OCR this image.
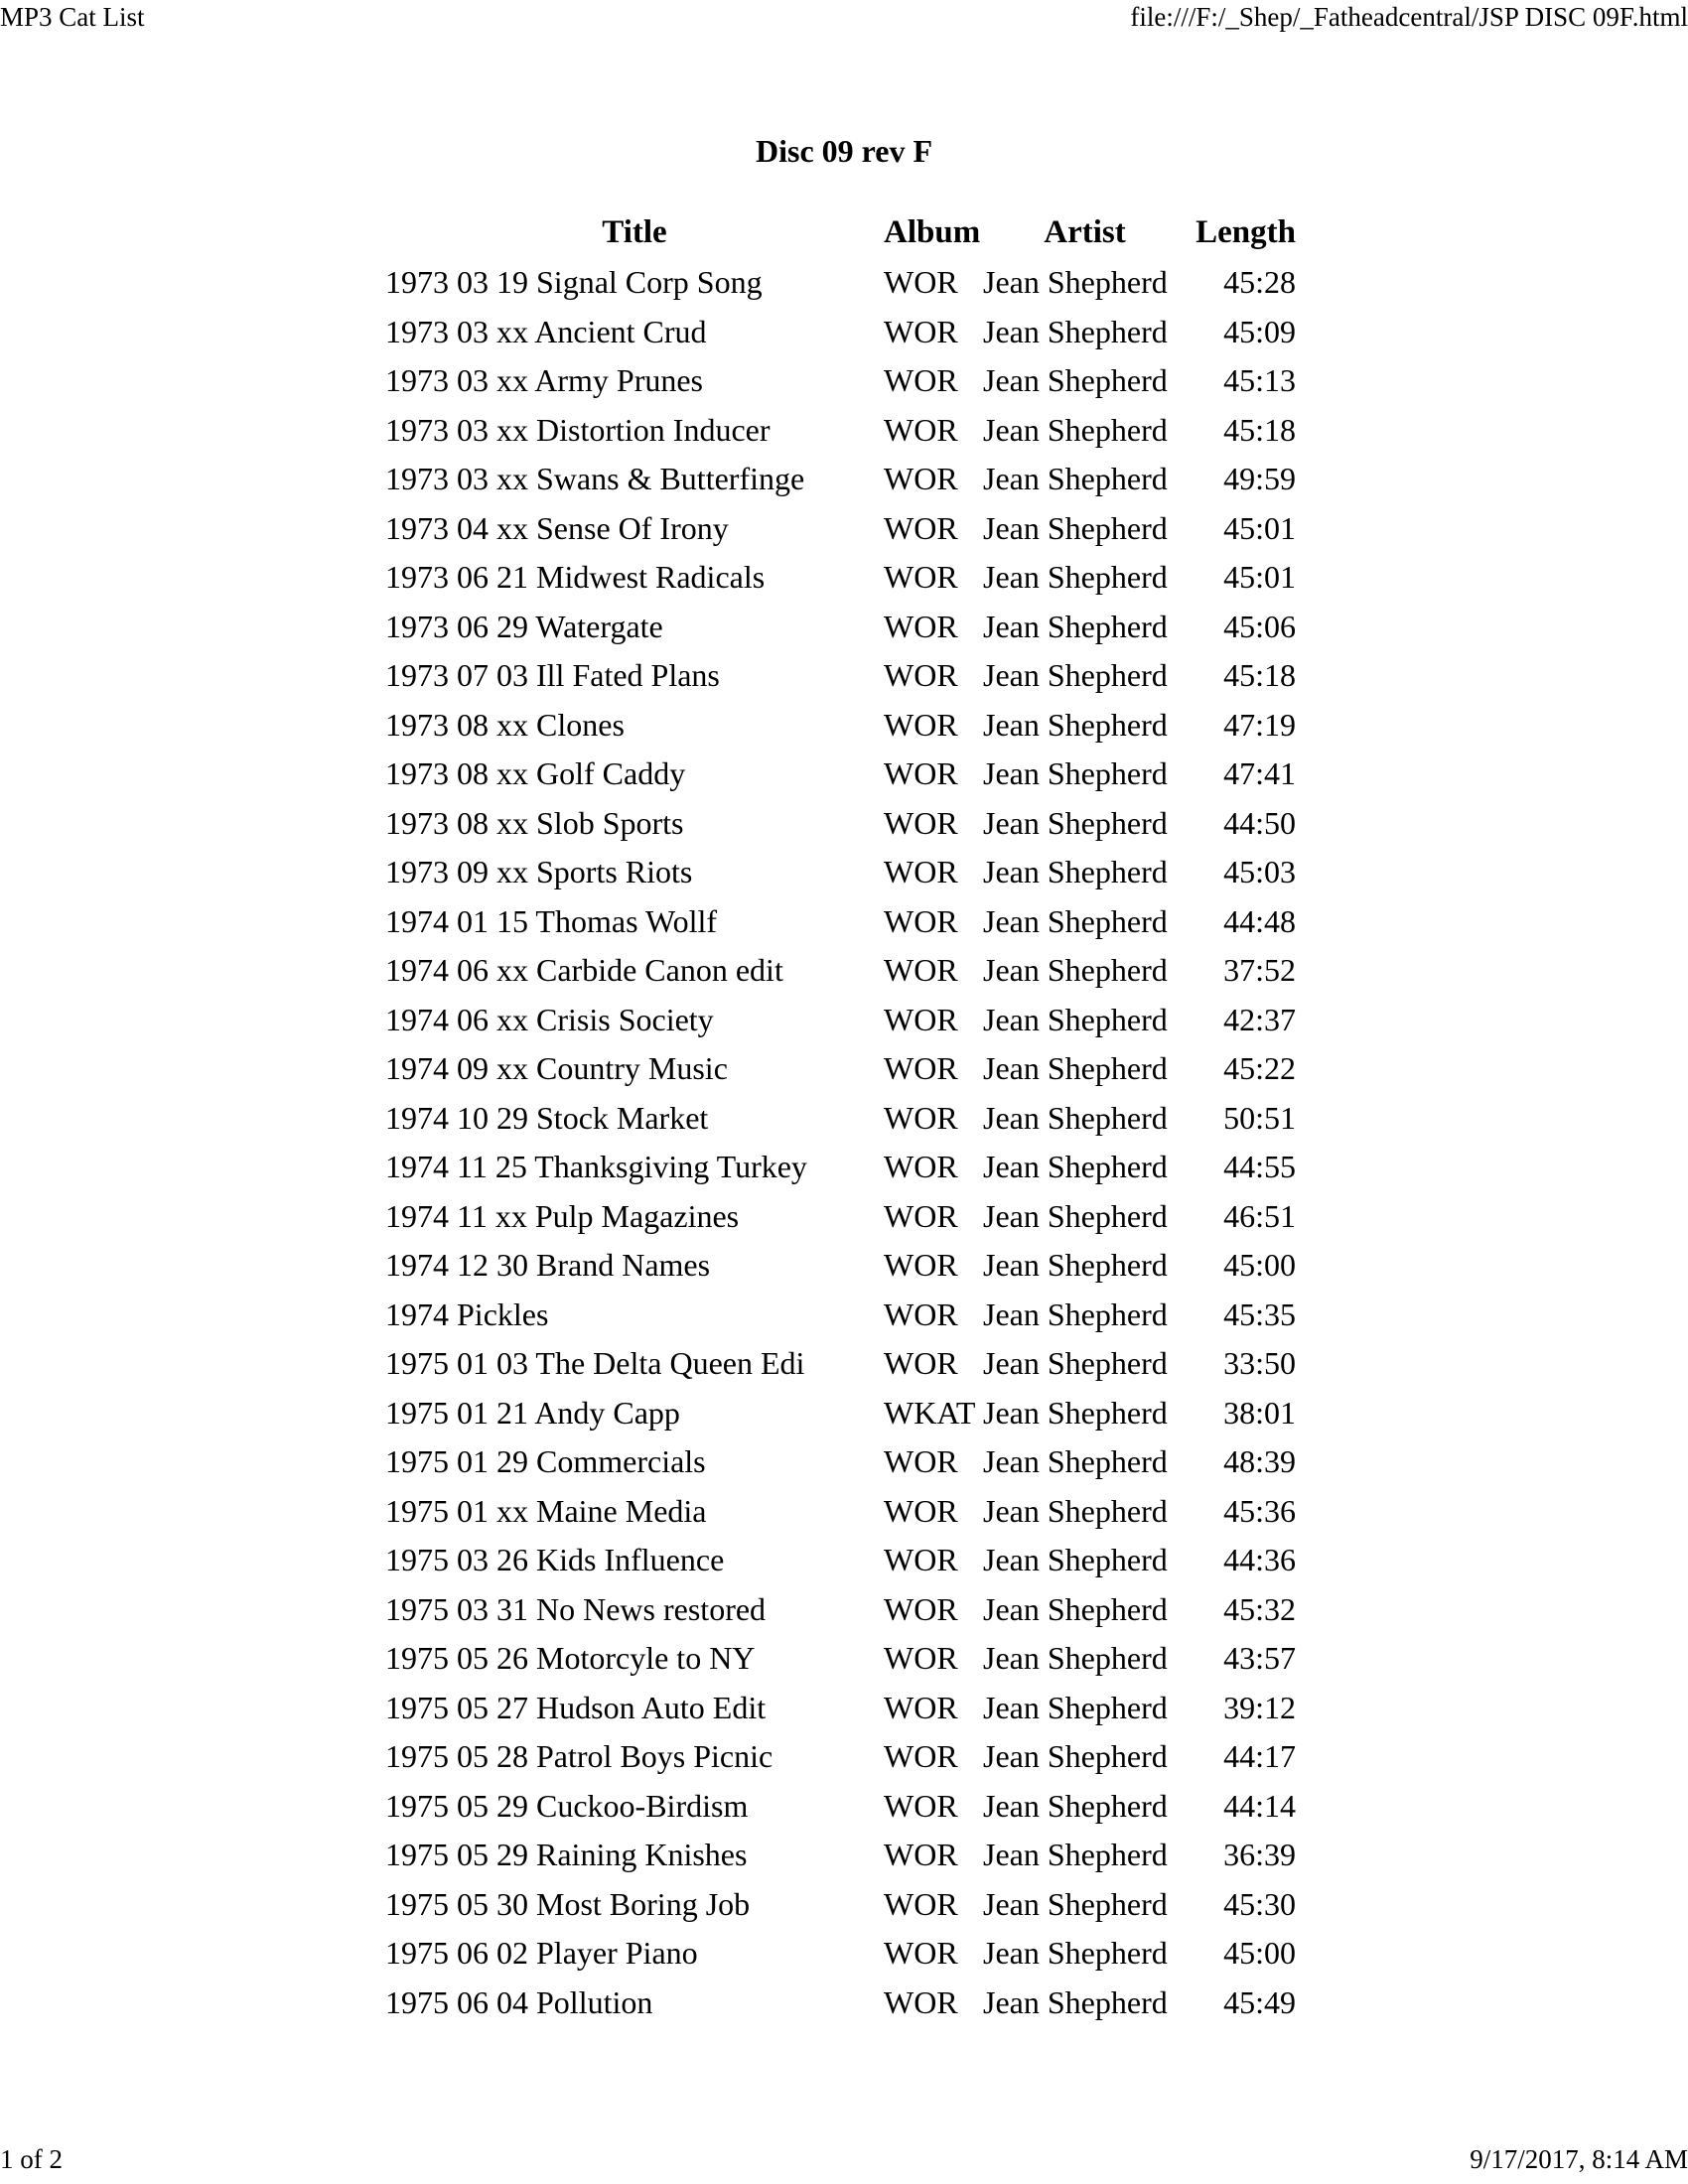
MP3 Cat List	file:///F:/_Shep/_Fatheadcentral/JSP DISC 09F.html
Disc 09 rev F
Title	Album	Artist	Length
1973 03 19 Signal Corp Song	WOR	Jean Shepherd	45:28
1973 03 xx Ancient Crud	WOR	Jean Shepherd	45:09
1973 03 xx Army Prunes	WOR	Jean Shepherd	45:13
1973 03 xx Distortion Inducer	WOR	Jean Shepherd	45:18
1973 03 xx Swans & Butterfinge	WOR	Jean Shepherd	49:59
1973 04 xx Sense Of Irony	WOR	Jean Shepherd	45:01
1973 06 21 Midwest Radicals	WOR	Jean Shepherd	45:01
1973 06 29 Watergate	WOR	Jean Shepherd	45:06
1973 07 03 Ill Fated Plans	WOR	Jean Shepherd	45:18
1973 08 xx Clones	WOR	Jean Shepherd	47:19
1973 08 xx Golf Caddy	WOR	Jean Shepherd	47:41
1973 08 xx Slob Sports	WOR	Jean Shepherd	44:50
1973 09 xx Sports Riots	WOR	Jean Shepherd	45:03
1974 01 15 Thomas Wollf	WOR	Jean Shepherd	44:48
1974 06 xx Carbide Canon edit	WOR	Jean Shepherd	37:52
1974 06 xx Crisis Society	WOR	Jean Shepherd	42:37
1974 09 xx Country Music	WOR	Jean Shepherd	45:22
1974 10 29 Stock Market	WOR	Jean Shepherd	50:51
1974 11 25 Thanksgiving Turkey	WOR	Jean Shepherd	44:55
1974 11 xx Pulp Magazines	WOR	Jean Shepherd	46:51
1974 12 30 Brand Names	WOR	Jean Shepherd	45:00
1974 Pickles	WOR	Jean Shepherd	45:35
1975 01 03 The Delta Queen Edi	WOR	Jean Shepherd	33:50
1975 01 21 Andy Capp	WKAT	Jean Shepherd	38:01
1975 01 29 Commercials	WOR	Jean Shepherd	48:39
1975 01 xx Maine Media	WOR	Jean Shepherd	45:36
1975 03 26 Kids Influence	WOR	Jean Shepherd	44:36
1975 03 31 No News restored	WOR	Jean Shepherd	45:32
1975 05 26 Motorcyle to NY	WOR	Jean Shepherd	43:57
1975 05 27 Hudson Auto Edit	WOR	Jean Shepherd	39:12
1975 05 28 Patrol Boys Picnic	WOR	Jean Shepherd	44:17
1975 05 29 Cuckoo-Birdism	WOR	Jean Shepherd	44:14
1975 05 29 Raining Knishes	WOR	Jean Shepherd	36:39
1975 05 30 Most Boring Job	WOR	Jean Shepherd	45:30
1975 06 02 Player Piano	WOR	Jean Shepherd	45:00
1975 06 04 Pollution	WOR	Jean Shepherd	45:49
1 of 2	9/17/2017, 8:14 AM
